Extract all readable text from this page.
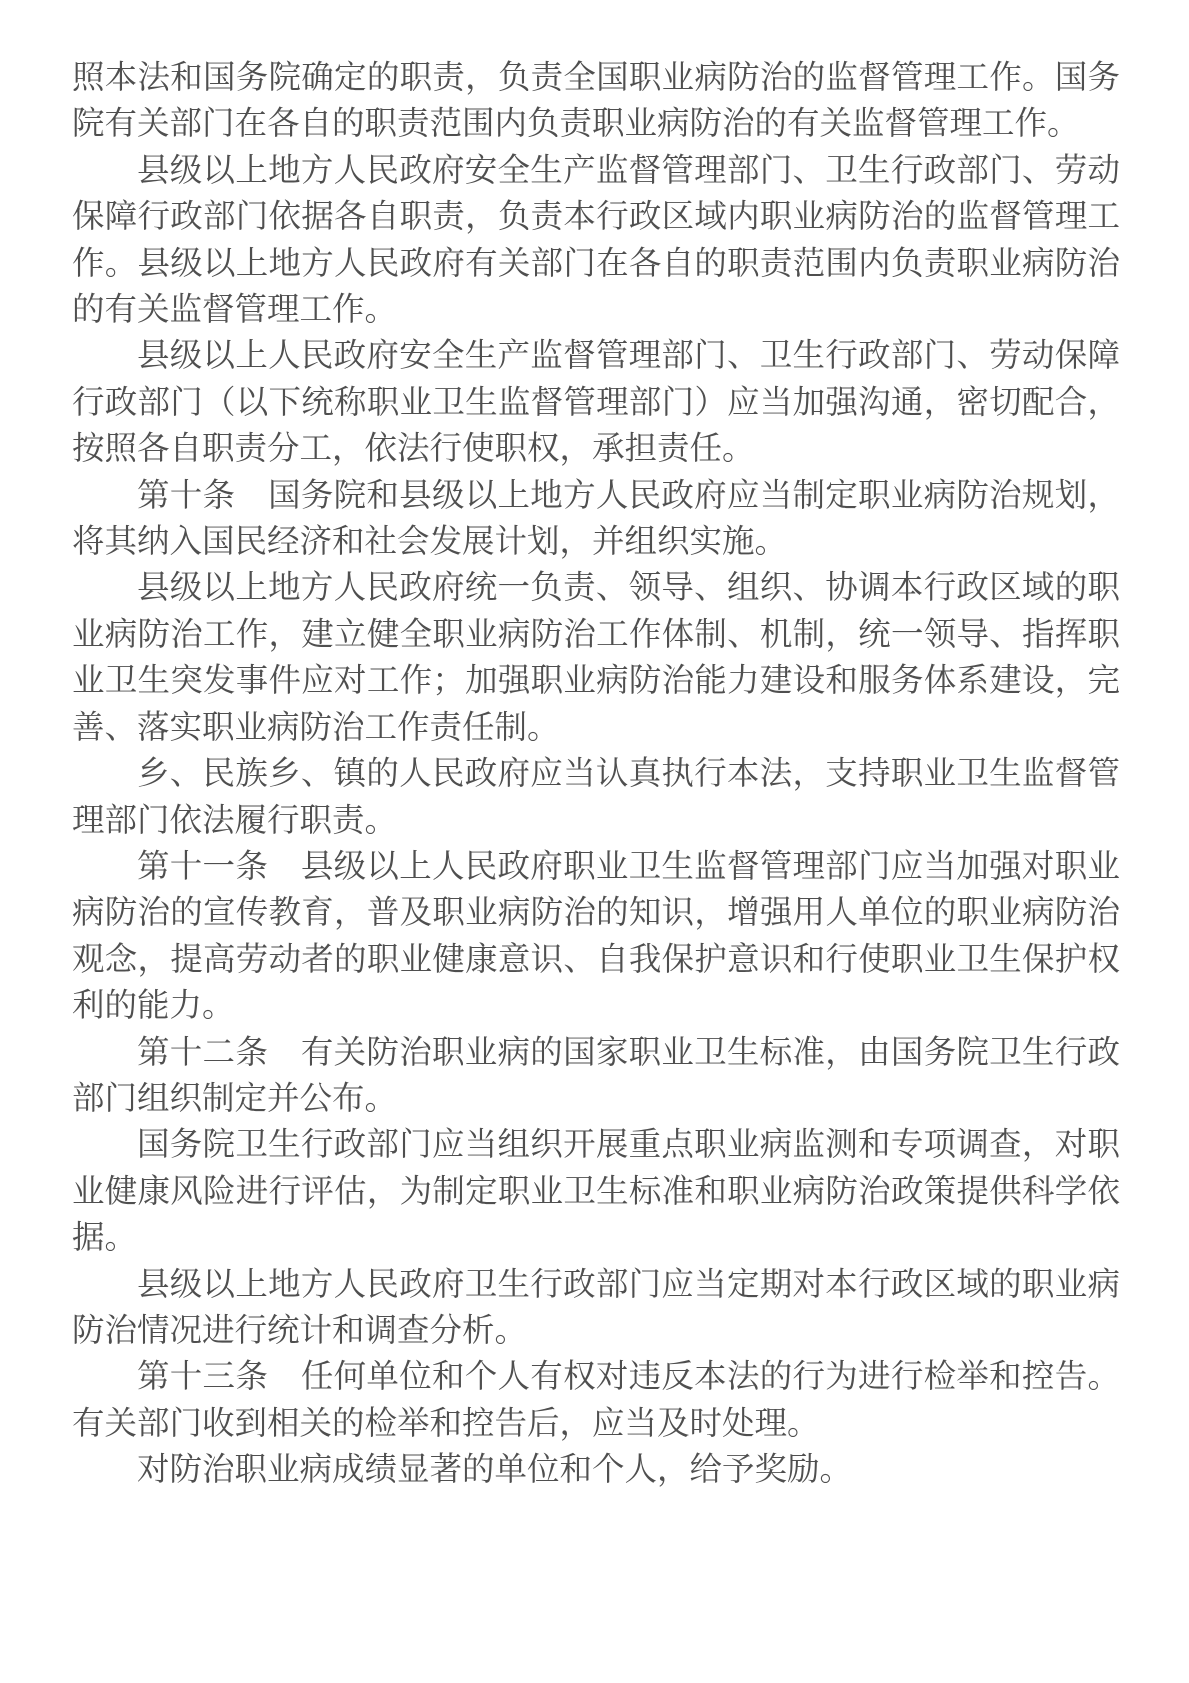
照本法和国务院确定的职责，负责全国职业病防治的监督管理工作。国务院有关部门在各自的职责范围内负责职业病防治的有关监督管理工作。

县级以上地方人民政府安全生产监督管理部门、卫生行政部门、劳动保障行政部门依据各自职责，负责本行政区域内职业病防治的监督管理工作。县级以上地方人民政府有关部门在各自的职责范围内负责职业病防治的有关监督管理工作。

县级以上人民政府安全生产监督管理部门、卫生行政部门、劳动保障行政部门（以下统称职业卫生监督管理部门）应当加强沟通，密切配合，按照各自职责分工，依法行使职权，承担责任。

第十条　国务院和县级以上地方人民政府应当制定职业病防治规划，将其纳入国民经济和社会发展计划，并组织实施。

县级以上地方人民政府统一负责、领导、组织、协调本行政区域的职业病防治工作，建立健全职业病防治工作体制、机制，统一领导、指挥职业卫生突发事件应对工作；加强职业病防治能力建设和服务体系建设，完善、落实职业病防治工作责任制。

乡、民族乡、镇的人民政府应当认真执行本法，支持职业卫生监督管理部门依法履行职责。

第十一条　县级以上人民政府职业卫生监督管理部门应当加强对职业病防治的宣传教育，普及职业病防治的知识，增强用人单位的职业病防治观念，提高劳动者的职业健康意识、自我保护意识和行使职业卫生保护权利的能力。

第十二条　有关防治职业病的国家职业卫生标准，由国务院卫生行政部门组织制定并公布。

国务院卫生行政部门应当组织开展重点职业病监测和专项调查，对职业健康风险进行评估，为制定职业卫生标准和职业病防治政策提供科学依据。

县级以上地方人民政府卫生行政部门应当定期对本行政区域的职业病防治情况进行统计和调查分析。

第十三条　任何单位和个人有权对违反本法的行为进行检举和控告。有关部门收到相关的检举和控告后，应当及时处理。

对防治职业病成绩显著的单位和个人，给予奖励。
